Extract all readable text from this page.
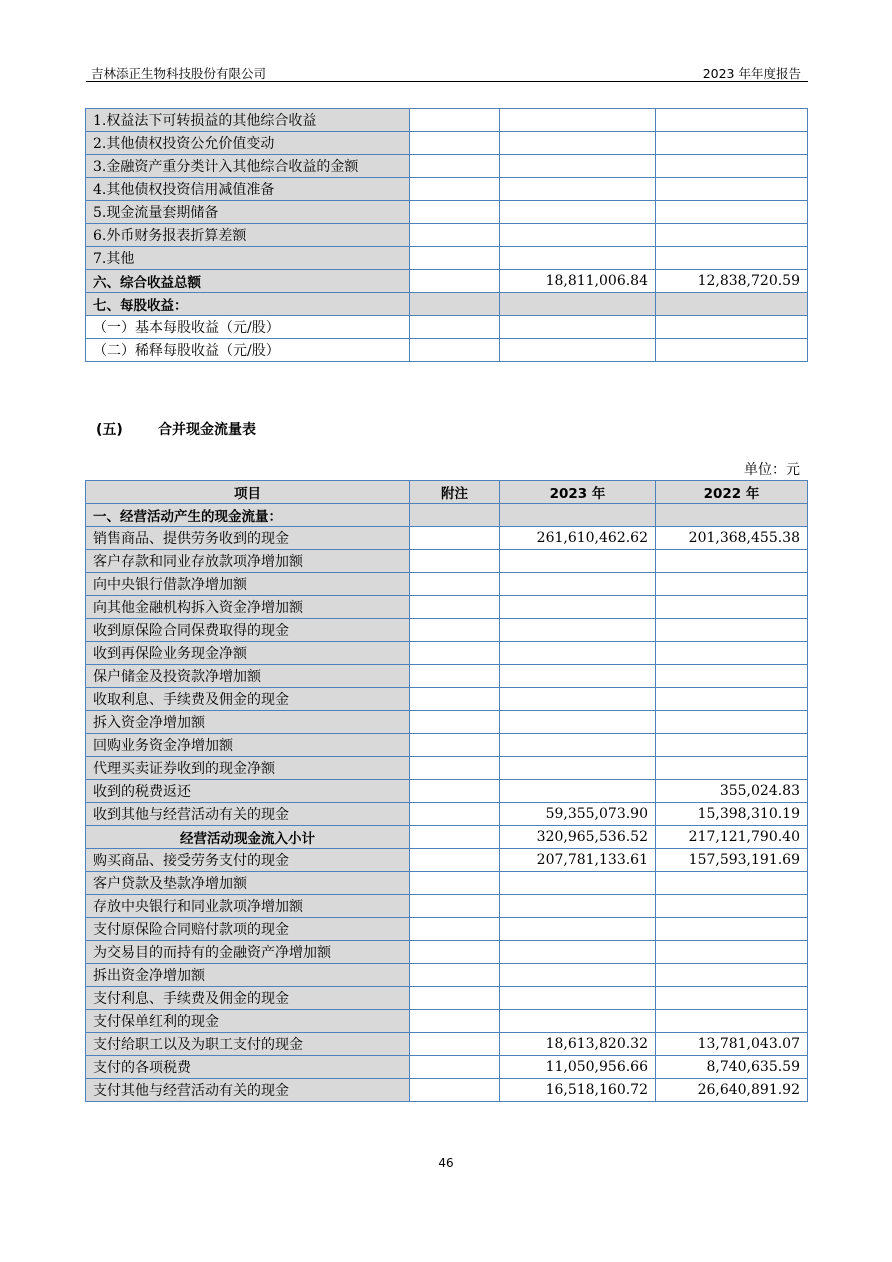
吉林添正生物科技股份有限公司	2023 年年度报告
1.权益法下可转损益的其他综合收益			
2.其他债权投资公允价值变动			
3.金融资产重分类计入其他综合收益的金额			
4.其他债权投资信用减值准备			
5.现金流量套期储备			
6.外币财务报表折算差额			
7.其他			
六、综合收益总额		18,811,006.84	12,838,720.59
七、每股收益：			
（一）基本每股收益（元/股）			
（二）稀释每股收益（元/股）			
(五)	合并现金流量表
单位：元
项目	附注	2023 年	2022 年
一、经营活动产生的现金流量：			
销售商品、提供劳务收到的现金		261,610,462.62	201,368,455.38
客户存款和同业存放款项净增加额			
向中央银行借款净增加额			
向其他金融机构拆入资金净增加额			
收到原保险合同保费取得的现金			
收到再保险业务现金净额			
保户储金及投资款净增加额			
收取利息、手续费及佣金的现金			
拆入资金净增加额			
回购业务资金净增加额			
代理买卖证券收到的现金净额			
收到的税费返还			355,024.83
收到其他与经营活动有关的现金		59,355,073.90	15,398,310.19
经营活动现金流入小计		320,965,536.52	217,121,790.40
购买商品、接受劳务支付的现金		207,781,133.61	157,593,191.69
客户贷款及垫款净增加额			
存放中央银行和同业款项净增加额			
支付原保险合同赔付款项的现金			
为交易目的而持有的金融资产净增加额			
拆出资金净增加额			
支付利息、手续费及佣金的现金			
支付保单红利的现金			
支付给职工以及为职工支付的现金		18,613,820.32	13,781,043.07
支付的各项税费		11,050,956.66	8,740,635.59
支付其他与经营活动有关的现金		16,518,160.72	26,640,891.92
46
